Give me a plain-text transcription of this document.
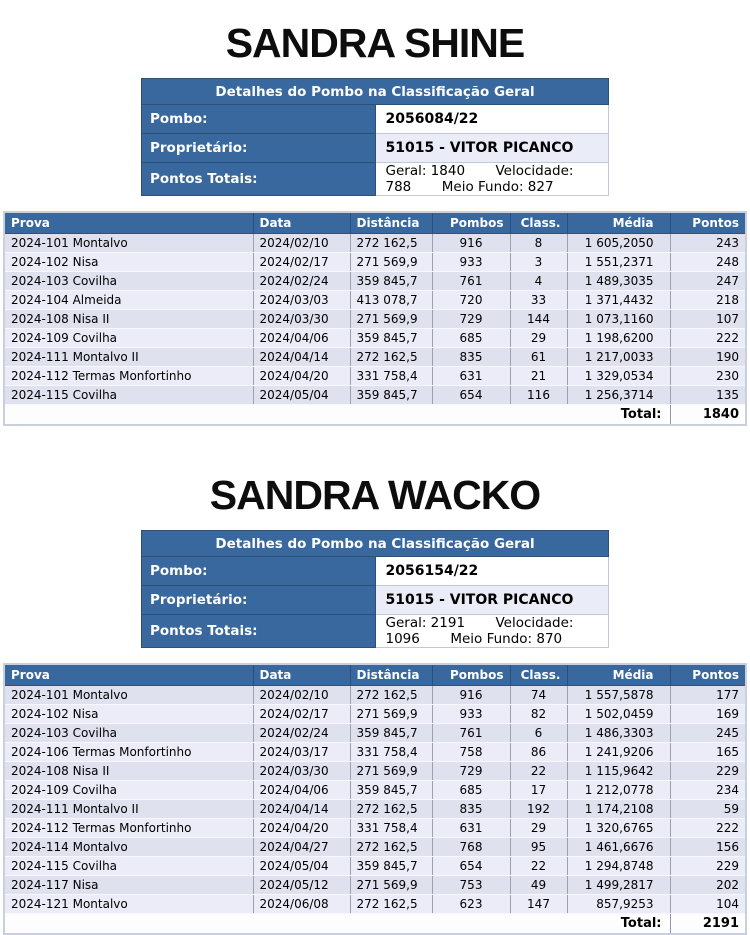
SANDRA SHINE
Detalhes do Pombo na Classificação Geral	
Pombo:	2056084/22
Proprietário:	51015 - VITOR PICANCO
Pontos Totais:	Geral: 1840 Velocidade: 788 Meio Fundo: 827
Prova	Data	Distância	Pombos	Class.	Média	Pontos
2024-101 Montalvo	2024/02/10	272 162,5	916	8	1 605,2050	243
2024-102 Nisa	2024/02/17	271 569,9	933	3	1 551,2371	248
2024-103 Covilha	2024/02/24	359 845,7	761	4	1 489,3035	247
2024-104 Almeida	2024/03/03	413 078,7	720	33	1 371,4432	218
2024-108 Nisa II	2024/03/30	271 569,9	729	144	1 073,1160	107
2024-109 Covilha	2024/04/06	359 845,7	685	29	1 198,6200	222
2024-111 Montalvo II	2024/04/14	272 162,5	835	61	1 217,0033	190
2024-112 Termas Monfortinho	2024/04/20	331 758,4	631	21	1 329,0534	230
2024-115 Covilha	2024/05/04	359 845,7	654	116	1 256,3714	135
Total:						1840
SANDRA WACKO
Detalhes do Pombo na Classificação Geral	
Pombo:	2056154/22
Proprietário:	51015 - VITOR PICANCO
Pontos Totais:	Geral: 2191 Velocidade: 1096 Meio Fundo: 870
Prova	Data	Distância	Pombos	Class.	Média	Pontos
2024-101 Montalvo	2024/02/10	272 162,5	916	74	1 557,5878	177
2024-102 Nisa	2024/02/17	271 569,9	933	82	1 502,0459	169
2024-103 Covilha	2024/02/24	359 845,7	761	6	1 486,3303	245
2024-106 Termas Monfortinho	2024/03/17	331 758,4	758	86	1 241,9206	165
2024-108 Nisa II	2024/03/30	271 569,9	729	22	1 115,9642	229
2024-109 Covilha	2024/04/06	359 845,7	685	17	1 212,0778	234
2024-111 Montalvo II	2024/04/14	272 162,5	835	192	1 174,2108	59
2024-112 Termas Monfortinho	2024/04/20	331 758,4	631	29	1 320,6765	222
2024-114 Montalvo	2024/04/27	272 162,5	768	95	1 461,6676	156
2024-115 Covilha	2024/05/04	359 845,7	654	22	1 294,8748	229
2024-117 Nisa	2024/05/12	271 569,9	753	49	1 499,2817	202
2024-121 Montalvo	2024/06/08	272 162,5	623	147	857,9253	104
Total:						2191
